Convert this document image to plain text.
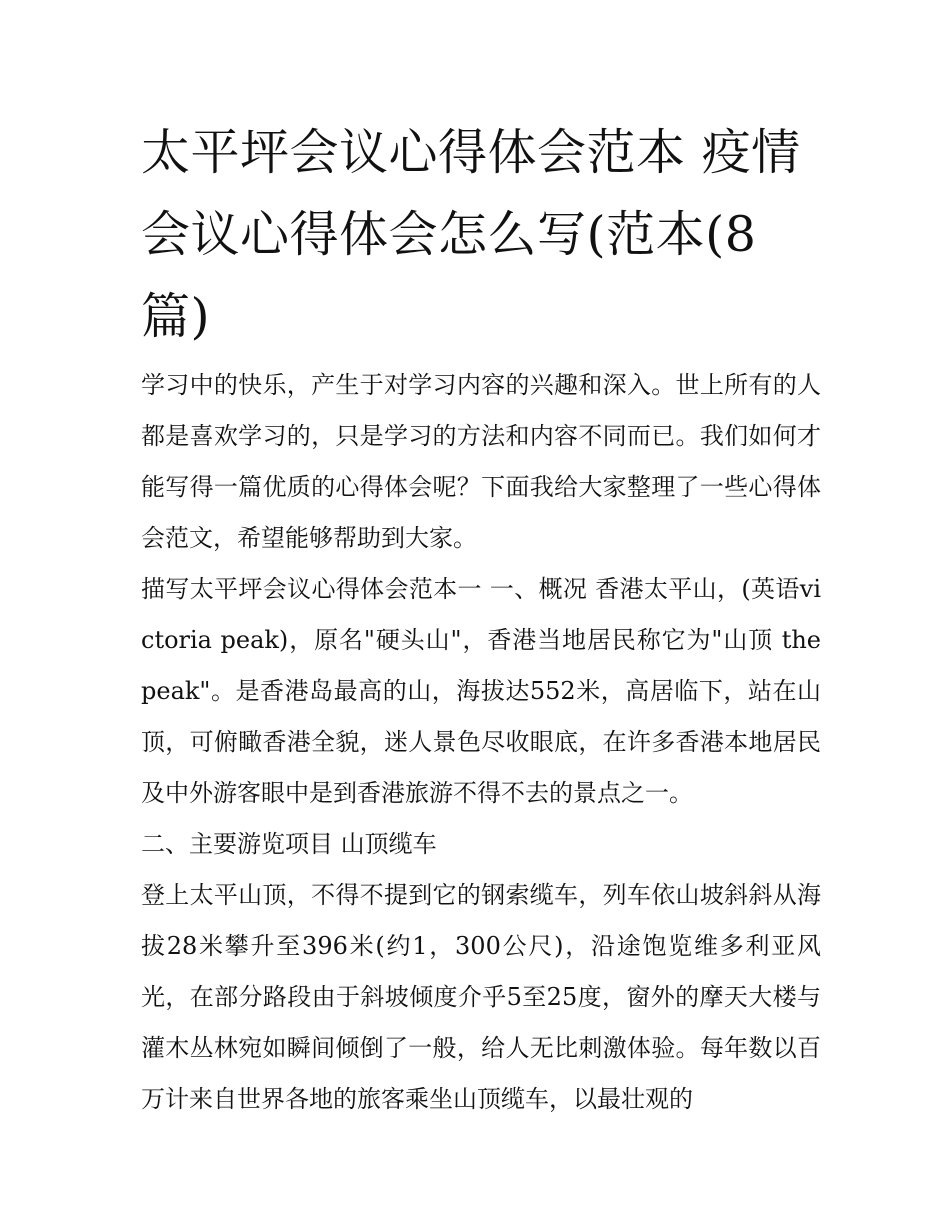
太平坪会议心得体会范本 疫情会议心得体会怎么写(范本(8篇)

学习中的快乐，产生于对学习内容的兴趣和深入。世上所有的人都是喜欢学习的，只是学习的方法和内容不同而已。我们如何才能写得一篇优质的心得体会呢？下面我给大家整理了一些心得体会范文，希望能够帮助到大家。

描写太平坪会议心得体会范本一 一、概况 香港太平山，(英语victoria peak)，原名"硬头山"，香港当地居民称它为"山顶 the peak"。是香港岛最高的山，海拔达552米，高居临下，站在山顶，可俯瞰香港全貌，迷人景色尽收眼底，在许多香港本地居民及中外游客眼中是到香港旅游不得不去的景点之一。

二、主要游览项目 山顶缆车

登上太平山顶，不得不提到它的钢索缆车，列车依山坡斜斜从海拔28米攀升至396米(约1，300公尺)，沿途饱览维多利亚风光，在部分路段由于斜坡倾度介乎5至25度，窗外的摩天大楼与灌木丛林宛如瞬间倾倒了一般，给人无比刺激体验。每年数以百万计来自世界各地的旅客乘坐山顶缆车，以最壮观的
